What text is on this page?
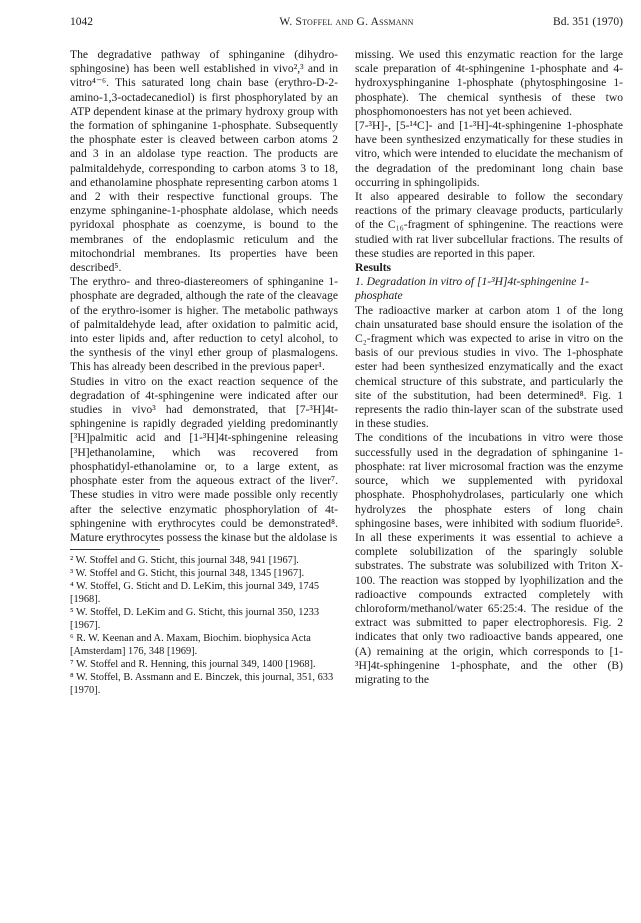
1042	W. Stoffel and G. Assmann	Bd. 351 (1970)

The degradative pathway of sphinganine (dihydro-sphingosine) has been well established in vivo²,³ and in vitro⁴⁻⁶. This saturated long chain base (erythro-D-2-amino-1,3-octadecanediol) is first phosphorylated by an ATP dependent kinase at the primary hydroxy group with the formation of sphinganine 1-phosphate. Subsequently the phosphate ester is cleaved between carbon atoms 2 and 3 in an aldolase type reaction. The products are palmitaldehyde, corresponding to carbon atoms 3 to 18, and ethanolamine phosphate representing carbon atoms 1 and 2 with their respective functional groups. The enzyme sphinganine-1-phosphate aldolase, which needs pyridoxal phosphate as coenzyme, is bound to the membranes of the endoplasmic reticulum and the mitochondrial membranes. Its properties have been described⁵.

The erythro- and threo-diastereomers of sphinganine 1-phosphate are degraded, although the rate of the cleavage of the erythro-isomer is higher. The metabolic pathways of palmitaldehyde lead, after oxidation to palmitic acid, into ester lipids and, after reduction to cetyl alcohol, to the synthesis of the vinyl ether group of plasmalogens. This has already been described in the previous paper¹.

Studies in vitro on the exact reaction sequence of the degradation of 4t-sphingenine were indicated after our studies in vivo³ had demonstrated, that [7-³H]4t-sphingenine is rapidly degraded yielding predominantly [³H]palmitic acid and [1-³H]4t-sphingenine releasing [³H]ethanolamine, which was recovered from phosphatidyl-ethanolamine or, to a large extent, as phosphate ester from the aqueous extract of the liver⁷. These studies in vitro were made possible only recently after the selective enzymatic phosphorylation of 4t-sphingenine with erythrocytes could be demonstrated⁸. Mature erythrocytes possess the kinase but the aldolase is

² W. Stoffel and G. Sticht, this journal 348, 941 [1967].

³ W. Stoffel and G. Sticht, this journal 348, 1345 [1967].

⁴ W. Stoffel, G. Sticht and D. LeKim, this journal 349, 1745 [1968].

⁵ W. Stoffel, D. LeKim and G. Sticht, this journal 350, 1233 [1967].

⁶ R. W. Keenan and A. Maxam, Biochim. biophysica Acta [Amsterdam] 176, 348 [1969].

⁷ W. Stoffel and R. Henning, this journal 349, 1400 [1968].

⁸ W. Stoffel, B. Assmann and E. Binczek, this journal, 351, 633 [1970].

missing. We used this enzymatic reaction for the large scale preparation of 4t-sphingenine 1-phosphate and 4-hydroxysphinganine 1-phosphate (phytosphingosine 1-phosphate). The chemical synthesis of these two phosphomonoesters has not yet been achieved.

[7-³H]-, [5-¹⁴C]- and [1-³H]-4t-sphingenine 1-phosphate have been synthesized enzymatically for these studies in vitro, which were intended to elucidate the mechanism of the degradation of the predominant long chain base occurring in sphingolipids.

It also appeared desirable to follow the secondary reactions of the primary cleavage products, particularly of the C₁₆-fragment of sphingenine. The reactions were studied with rat liver subcellular fractions. The results of these studies are reported in this paper.

Results

1. Degradation in vitro of [1-³H]4t-sphingenine 1-phosphate

The radioactive marker at carbon atom 1 of the long chain unsaturated base should ensure the isolation of the C₂-fragment which was expected to arise in vitro on the basis of our previous studies in vivo. The 1-phosphate ester had been synthesized enzymatically and the exact chemical structure of this substrate, and particularly the site of the substitution, had been determined⁸. Fig. 1 represents the radio thin-layer scan of the substrate used in these studies.

The conditions of the incubations in vitro were those successfully used in the degradation of sphinganine 1-phosphate: rat liver microsomal fraction was the enzyme source, which we supplemented with pyridoxal phosphate. Phosphohydrolases, particularly one which hydrolyzes the phosphate esters of long chain sphingosine bases, were inhibited with sodium fluoride⁵. In all these experiments it was essential to achieve a complete solubilization of the sparingly soluble substrates. The substrate was solubilized with Triton X-100. The reaction was stopped by lyophilization and the radioactive compounds extracted completely with chloroform/methanol/water 65:25:4. The residue of the extract was submitted to paper electrophoresis. Fig. 2 indicates that only two radioactive bands appeared, one (A) remaining at the origin, which corresponds to [1-³H]4t-sphingenine 1-phosphate, and the other (B) migrating to the
